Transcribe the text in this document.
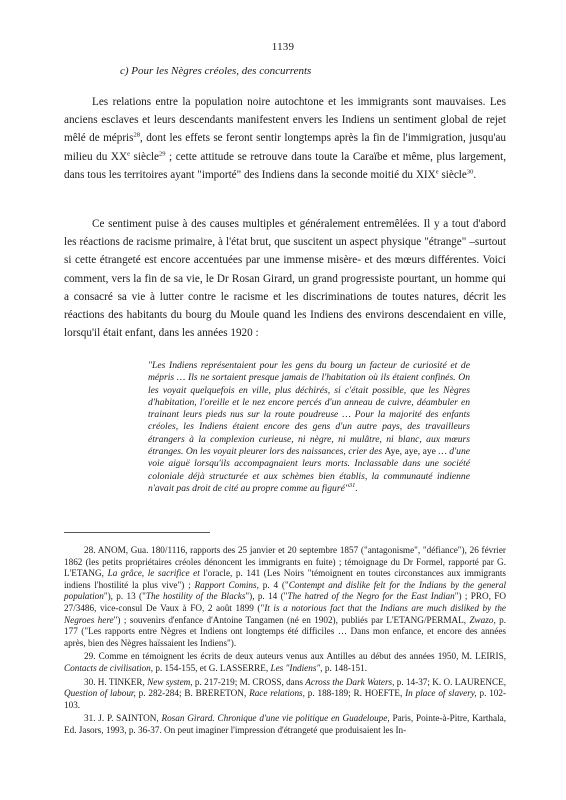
1139
c) Pour les Nègres créoles, des concurrents

Les relations entre la population noire autochtone et les immigrants sont mauvaises. Les anciens esclaves et leurs descendants manifestent envers les Indiens un sentiment global de rejet mêlé de mépris$^{28}$, dont les effets se feront sentir longtemps après la fin de l'immigration, jusqu'au milieu du XXe siècle$^{29}$ ; cette attitude se retrouve dans toute la Caraïbe et même, plus largement, dans tous les territoires ayant "importé" des Indiens dans la seconde moitié du XIXe siècle$^{30}$.

Ce sentiment puise à des causes multiples et généralement entremêlées. Il y a tout d'abord les réactions de racisme primaire, à l'état brut, que suscitent un aspect physique "étrange" –surtout si cette étrangeté est encore accentuées par une immense misère- et des mœurs différentes. Voici comment, vers la fin de sa vie, le Dr Rosan Girard, un grand progressiste pourtant, un homme qui a consacré sa vie à lutter contre le racisme et les discriminations de toutes natures, décrit les réactions des habitants du bourg du Moule quand les Indiens des environs descendaient en ville, lorsqu'il était enfant, dans les années 1920 :

"Les Indiens représentaient pour les gens du bourg un facteur de curiosité et de mépris … Ils ne sortaient presque jamais de l'habitation où ils étaient confinés. On les voyait quelquefois en ville, plus déchirés, si c'était possible, que les Nègres d'habitation, l'oreille et le nez encore percés d'un anneau de cuivre, déambuler en trainant leurs pieds nus sur la route poudreuse … Pour la majorité des enfants créoles, les Indiens étaient encore des gens d'un autre pays, des travailleurs étrangers à la complexion curieuse, ni nègre, ni mulâtre, ni blanc, aux mœurs étranges. On les voyait pleurer lors des naissances, crier des Aye, aye, aye … d'une voie aiguë lorsqu'ils accompagnaient leurs morts. Inclassable dans une société coloniale déjà structurée et aux schèmes bien établis, la communauté indienne n'avait pas droit de cité au propre comme au figuré"$^{31}$.

28. ANOM, Gua. 180/1116, rapports des 25 janvier et 20 septembre 1857 ("antagonisme", "défiance"), 26 février 1862 (les petits propriétaires créoles dénoncent les immigrants en fuite) ; témoignage du Dr Formel, rapporté par G. L'ETANG, La grâce, le sacrifice et l'oracle, p. 141 (Les Noirs "témoignent en toutes circonstances aux immigrants indiens l'hostilité la plus vive") ; Rapport Comins, p. 4 ("Contempt and dislike felt for the Indians by the general population"), p. 13 ("The hostility of the Blacks"), p. 14 ("The hatred of the Negro for the East Indian") ; PRO, FO 27/3486, vice-consul De Vaux à FO, 2 août 1899 ("It is a notorious fact that the Indians are much disliked by the Negroes here") ; souvenirs d'enfance d'Antoine Tangamen (né en 1902), publiés par L'ETANG/PERMAL, Zwazo, p. 177 ("Les rapports entre Nègres et Indiens ont longtemps été difficiles … Dans mon enfance, et encore des années après, bien des Nègres haïssaient les Indiens").

29. Comme en témoignent les écrits de deux auteurs venus aux Antilles au début des années 1950, M. LEIRIS, Contacts de civilisation, p. 154-155, et G. LASSERRE, Les "Indiens", p. 148-151.

30. H. TINKER, New system, p. 217-219; M. CROSS, dans Across the Dark Waters, p. 14-37; K. O. LAURENCE, Question of labour, p. 282-284; B. BRERETON, Race relations, p. 188-189; R. HOEFTE, In place of slavery, p. 102-103.

31. J. P. SAINTON, Rosan Girard. Chronique d'une vie politique en Guadeloupe, Paris, Pointe-à-Pitre, Karthala, Ed. Jasors, 1993, p. 36-37. On peut imaginer l'impression d'étrangeté que produisaient les In-
